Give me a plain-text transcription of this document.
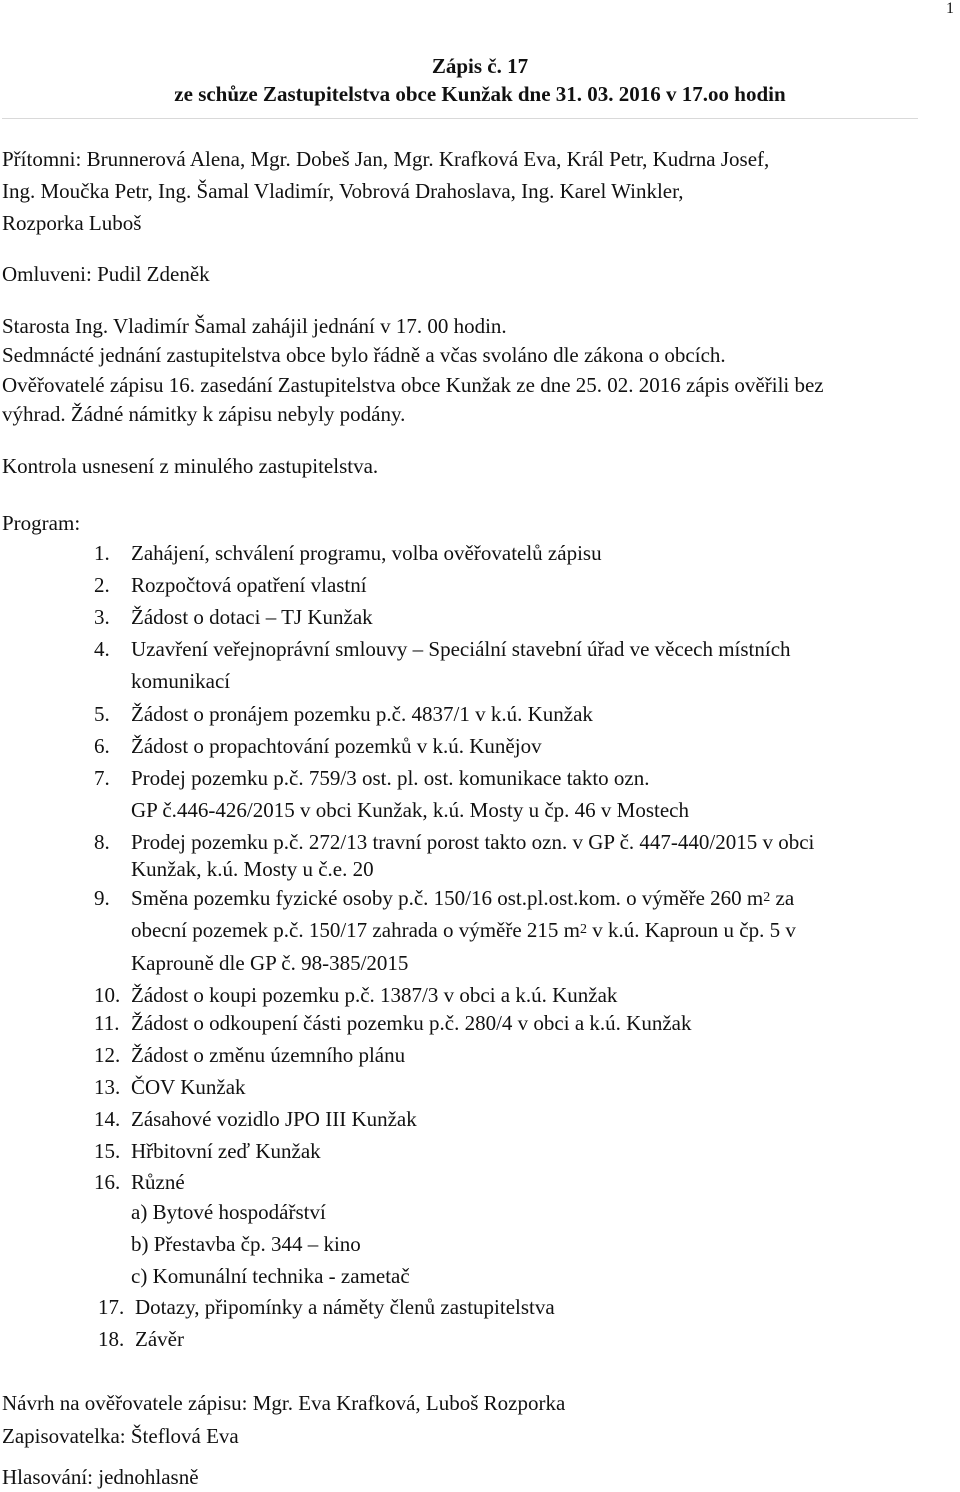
1
Zápis č. 17
ze schůze Zastupitelstva obce Kunžak dne 31. 03. 2016 v 17.oo hodin
Přítomni: Brunnerová Alena, Mgr. Dobeš Jan, Mgr. Krafková Eva, Král Petr, Kudrna Josef,
Ing. Moučka Petr, Ing. Šamal Vladimír, Vobrová Drahoslava, Ing. Karel Winkler,
Rozporka Luboš
Omluveni: Pudil Zdeněk
Starosta Ing. Vladimír Šamal zahájil jednání v 17. 00 hodin.
Sedmnácté jednání zastupitelstva obce bylo řádně a včas svoláno dle zákona o obcích.
Ověřovatelé zápisu 16. zasedání Zastupitelstva obce Kunžak ze dne 25. 02. 2016 zápis ověřili bez
výhrad. Žádné námitky k zápisu nebyly podány.
Kontrola usnesení z minulého zastupitelstva.
Program:
1. Zahájení, schválení programu, volba ověřovatelů zápisu
2. Rozpočtová opatření vlastní
3. Žádost o dotaci – TJ Kunžak
4. Uzavření veřejnoprávní smlouvy – Speciální stavební úřad ve věcech místních
komunikací
5. Žádost o pronájem pozemku p.č. 4837/1 v k.ú. Kunžak
6. Žádost o propachtování pozemků v k.ú. Kunějov
7. Prodej pozemku p.č. 759/3 ost. pl. ost. komunikace takto ozn.
GP č.446-426/2015 v obci Kunžak, k.ú. Mosty u čp. 46 v Mostech
8. Prodej pozemku p.č. 272/13 travní porost takto ozn. v GP č. 447-440/2015 v obci
Kunžak, k.ú. Mosty u č.e. 20
9. Směna pozemku fyzické osoby p.č. 150/16 ost.pl.ost.kom. o výměře 260 $m^2$ za
obecní pozemek p.č. 150/17 zahrada o výměře 215 $m^2$ v k.ú. Kaproun u čp. 5 v
Kaprouně dle GP č. 98-385/2015
10. Žádost o koupi pozemku p.č. 1387/3 v obci a k.ú. Kunžak
11. Žádost o odkoupení části pozemku p.č. 280/4 v obci a k.ú. Kunžak
12. Žádost o změnu územního plánu
13. ČOV Kunžak
14. Zásahové vozidlo JPO III Kunžak
15. Hřbitovní zeď Kunžak
16. Různé
a) Bytové hospodářství
b) Přestavba čp. 344 – kino
c) Komunální technika - zametač
17. Dotazy, připomínky a náměty členů zastupitelstva
18. Závěr
Návrh na ověřovatele zápisu: Mgr. Eva Krafková, Luboš Rozporka
Zapisovatelka: Šteflová Eva
Hlasování: jednohlasně
